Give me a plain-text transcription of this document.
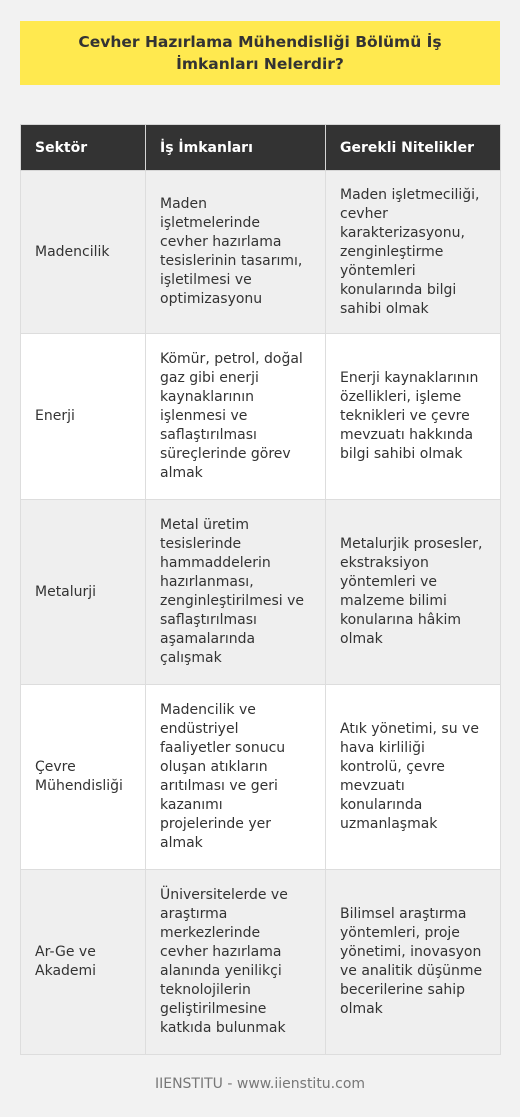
Cevher Hazırlama Mühendisliği Bölümü İş İmkanları Nelerdir?
Sektör	İş İmkanları	Gerekli Nitelikler
Madencilik	Maden işletmelerinde cevher hazırlama tesislerinin tasarımı, işletilmesi ve optimizasyonu	Maden işletmeciliği, cevher karakterizasyonu, zenginleştirme yöntemleri konularında bilgi sahibi olmak
Enerji	Kömür, petrol, doğal gaz gibi enerji kaynaklarının işlenmesi ve saflaştırılması süreçlerinde görev almak	Enerji kaynaklarının özellikleri, işleme teknikleri ve çevre mevzuatı hakkında bilgi sahibi olmak
Metalurji	Metal üretim tesislerinde hammaddelerin hazırlanması, zenginleştirilmesi ve saflaştırılması aşamalarında çalışmak	Metalurjik prosesler, ekstraksiyon yöntemleri ve malzeme bilimi konularına hâkim olmak
Çevre Mühendisliği	Madencilik ve endüstriyel faaliyetler sonucu oluşan atıkların arıtılması ve geri kazanımı projelerinde yer almak	Atık yönetimi, su ve hava kirliliği kontrolü, çevre mevzuatı konularında uzmanlaşmak
Ar-Ge ve Akademi	Üniversitelerde ve araştırma merkezlerinde cevher hazırlama alanında yenilikçi teknolojilerin geliştirilmesine katkıda bulunmak	Bilimsel araştırma yöntemleri, proje yönetimi, inovasyon ve analitik düşünme becerilerine sahip olmak
IIENSTITU - www.iienstitu.com
